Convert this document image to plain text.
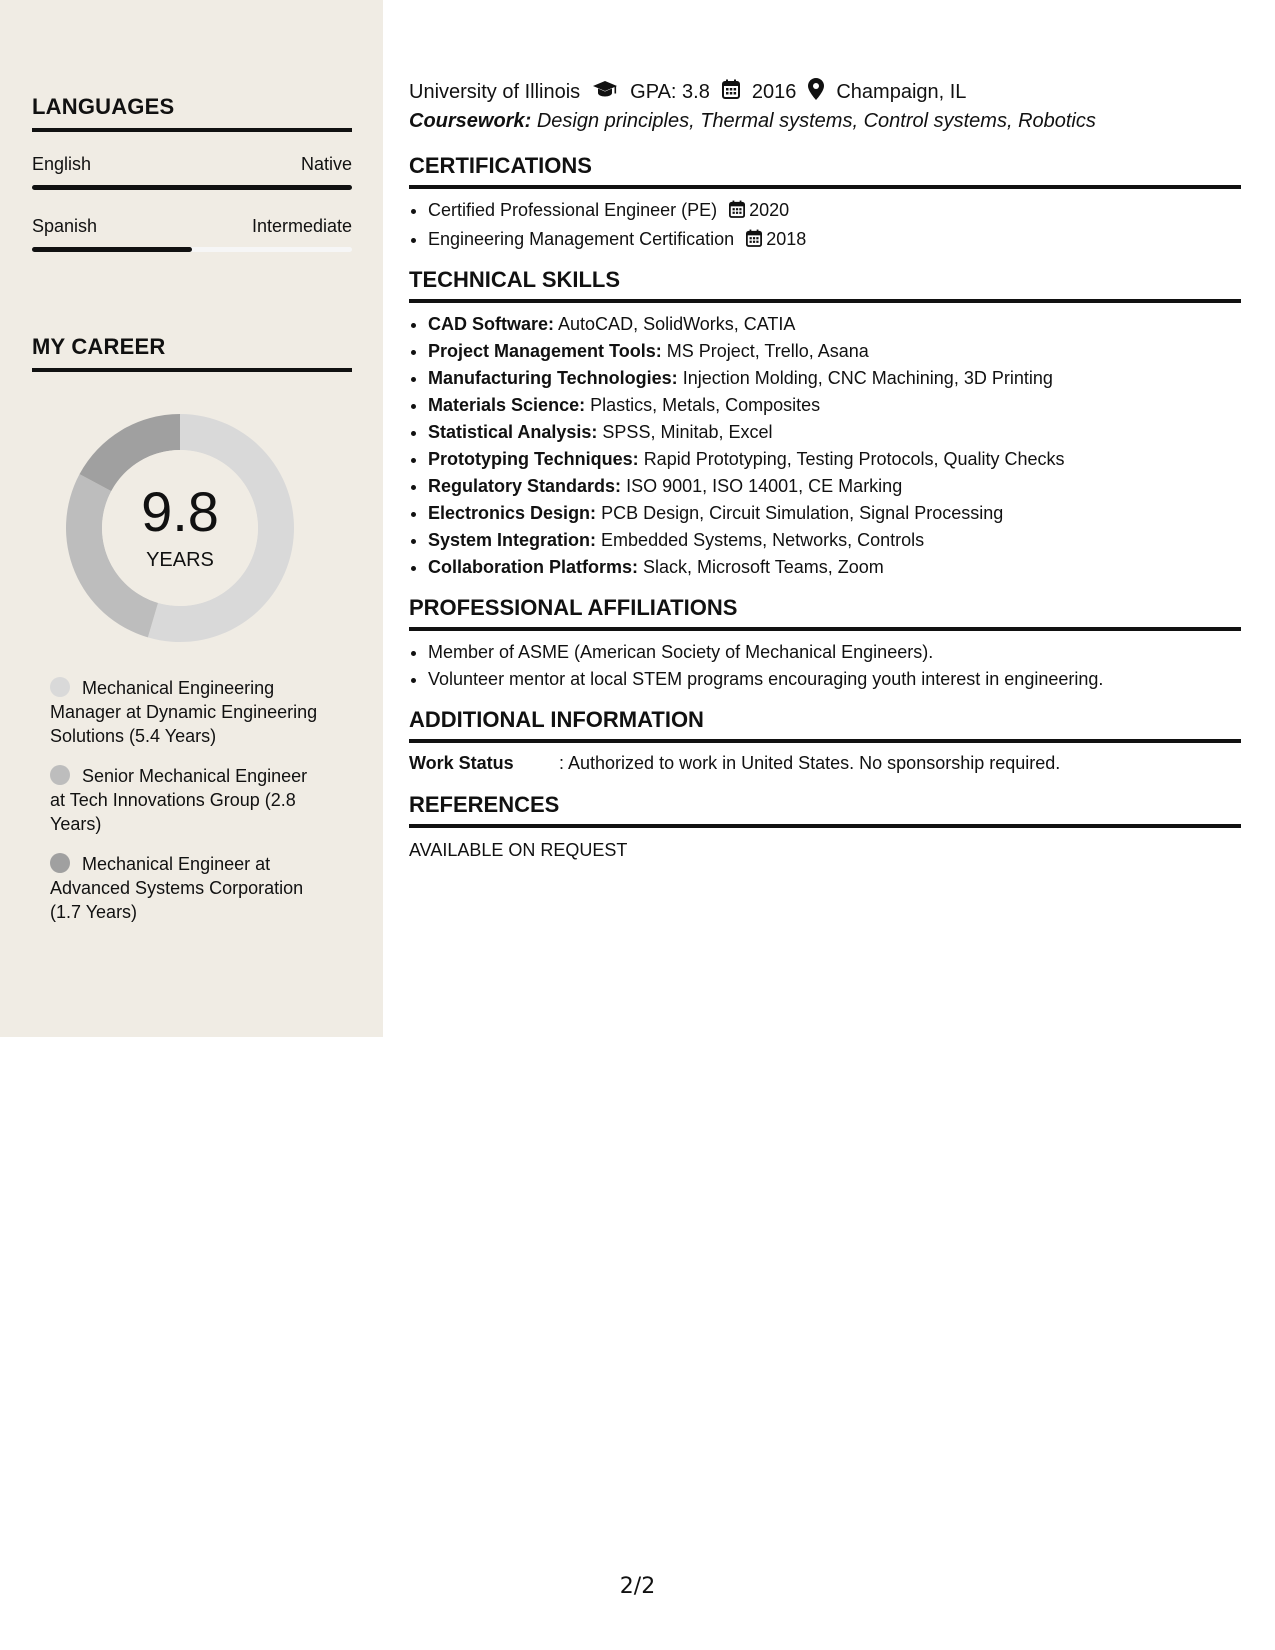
LANGUAGES
English	Native
Spanish	Intermediate
MY CAREER
9.8
YEARS
Mechanical Engineering Manager at Dynamic Engineering Solutions (5.4 Years)
Senior Mechanical Engineer at Tech Innovations Group (2.8 Years)
Mechanical Engineer at Advanced Systems Corporation (1.7 Years)
University of Illinois	GPA: 3.8 2016 Champaign, IL
Coursework: Design principles, Thermal systems, Control systems, Robotics
CERTIFICATIONS
• Certified Professional Engineer (PE) 2020
• Engineering Management Certification 2018
TECHNICAL SKILLS
• CAD Software: AutoCAD, SolidWorks, CATIA
• Project Management Tools: MS Project, Trello, Asana
• Manufacturing Technologies: Injection Molding, CNC Machining, 3D Printing
• Materials Science: Plastics, Metals, Composites
• Statistical Analysis: SPSS, Minitab, Excel
• Prototyping Techniques: Rapid Prototyping, Testing Protocols, Quality Checks
• Regulatory Standards: ISO 9001, ISO 14001, CE Marking
• Electronics Design: PCB Design, Circuit Simulation, Signal Processing
• System Integration: Embedded Systems, Networks, Controls
• Collaboration Platforms: Slack, Microsoft Teams, Zoom
PROFESSIONAL AFFILIATIONS
• Member of ASME (American Society of Mechanical Engineers).
• Volunteer mentor at local STEM programs encouraging youth interest in engineering.
ADDITIONAL INFORMATION
Work Status	: Authorized to work in United States. No sponsorship required.
REFERENCES
AVAILABLE ON REQUEST
2/2
